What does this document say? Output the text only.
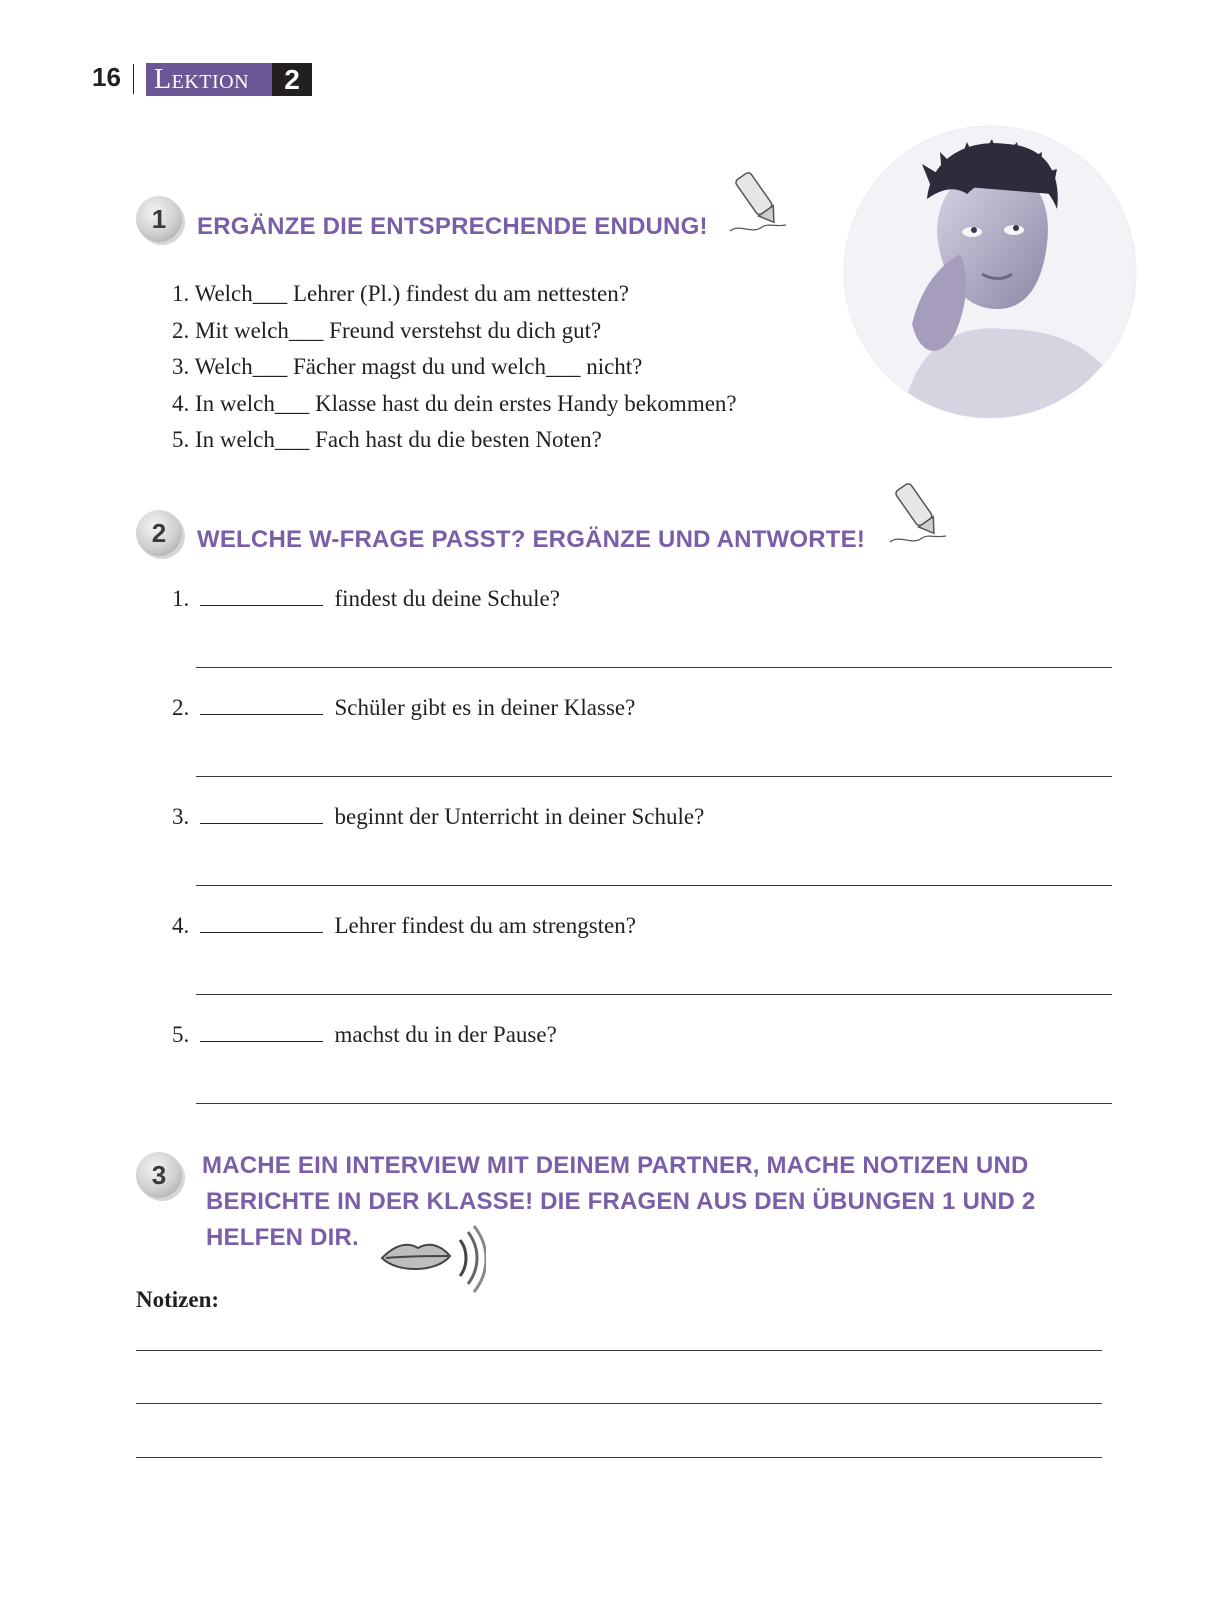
16 Lektion	2
1	ERGÄNZE DIE ENTSPRECHENDE ENDUNG!
1. Welch___ Lehrer (Pl.) findest du am nettesten?
2. Mit welch___ Freund verstehst du dich gut?
3. Welch___ Fächer magst du und welch___ nicht?
4. In welch___ Klasse hast du dein erstes Handy bekommen?
5. In welch___ Fach hast du die besten Noten?
2	WELCHE W-FRAGE PASST? ERGÄNZE UND ANTWORTE!
1.	findest du deine Schule?
2.	Schüler gibt es in deiner Klasse?
3.	beginnt der Unterricht in deiner Schule?
4.	Lehrer findest du am strengsten?
5.	machst du in der Pause?
3	MACHE EIN INTERVIEW MIT DEINEM PARTNER, MACHE NOTIZEN UND
BERICHTE IN DER KLASSE! DIE FRAGEN AUS DEN ÜBUNGEN 1 UND 2
HELFEN DIR.
Notizen:
